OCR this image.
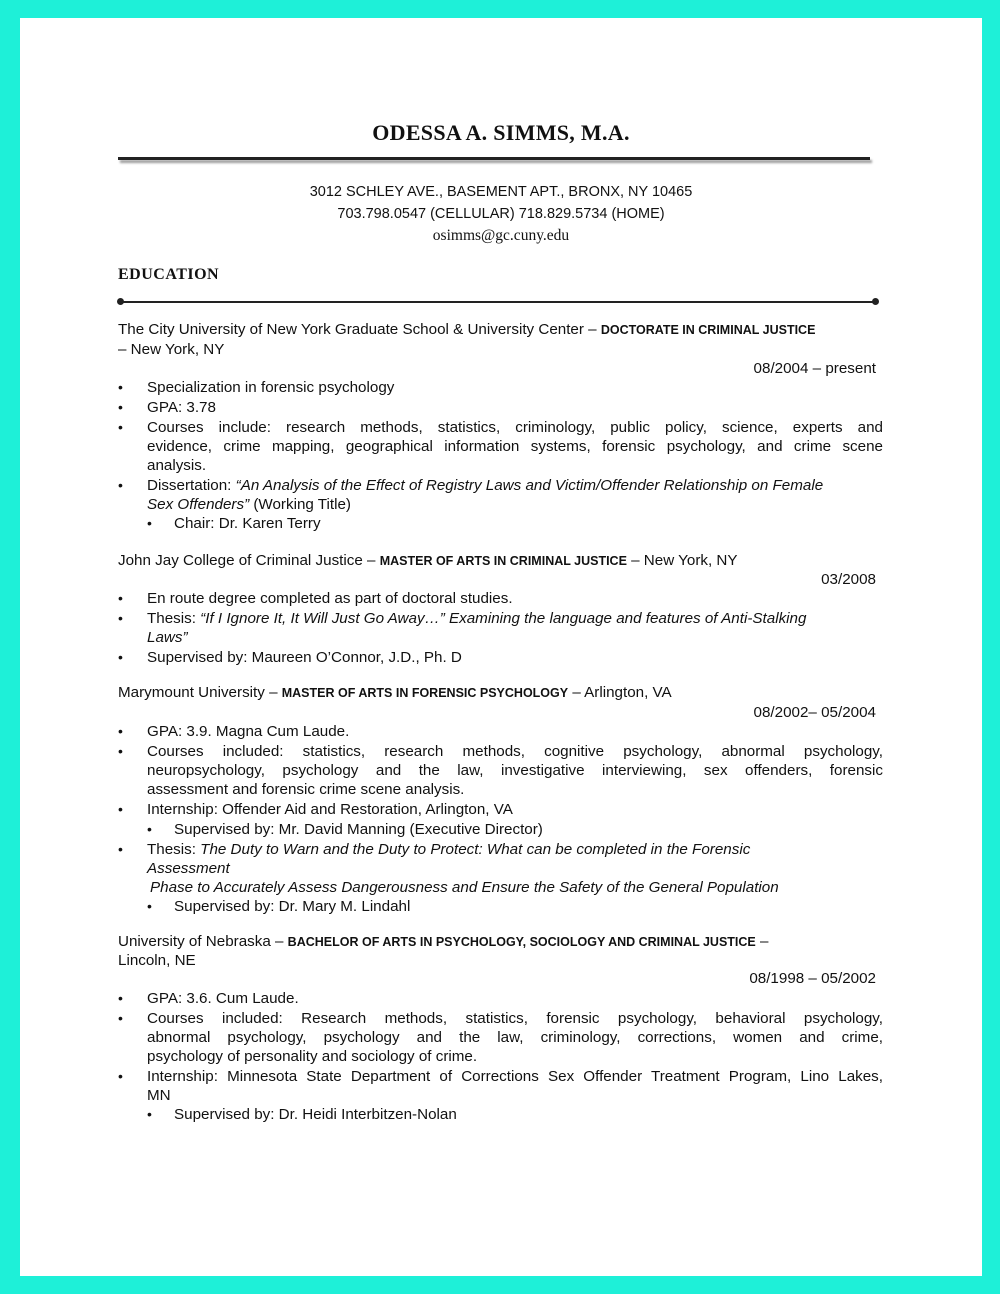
ODESSA A. SIMMS, M.A.
3012 SCHLEY AVE., BASEMENT APT., BRONX, NY 10465
703.798.0547 (CELLULAR) 718.829.5734 (HOME)
osimms@gc.cuny.edu
EDUCATION
The City University of New York Graduate School & University Center – DOCTORATE IN CRIMINAL JUSTICE
– New York, NY
08/2004 – present
• Specialization in forensic psychology
• GPA: 3.78
• Courses include: research methods, statistics, criminology, public policy, science, experts and
evidence, crime mapping, geographical information systems, forensic psychology, and crime scene
analysis.
• Dissertation: “An Analysis of the Effect of Registry Laws and Victim/Offender Relationship on Female
Sex Offenders” (Working Title)
• Chair: Dr. Karen Terry
John Jay College of Criminal Justice – MASTER OF ARTS IN CRIMINAL JUSTICE – New York, NY
03/2008
• En route degree completed as part of doctoral studies.
• Thesis: “If I Ignore It, It Will Just Go Away…” Examining the language and features of Anti-Stalking
Laws”
• Supervised by: Maureen O’Connor, J.D., Ph. D
Marymount University – MASTER OF ARTS IN FORENSIC PSYCHOLOGY – Arlington, VA
08/2002– 05/2004
• GPA: 3.9. Magna Cum Laude.
• Courses included: statistics, research methods, cognitive psychology, abnormal psychology,
neuropsychology, psychology and the law, investigative interviewing, sex offenders, forensic
assessment and forensic crime scene analysis.
• Internship: Offender Aid and Restoration, Arlington, VA
• Supervised by: Mr. David Manning (Executive Director)
• Thesis: The Duty to Warn and the Duty to Protect: What can be completed in the Forensic
Assessment
Phase to Accurately Assess Dangerousness and Ensure the Safety of the General Population
• Supervised by: Dr. Mary M. Lindahl
University of Nebraska – BACHELOR OF ARTS IN PSYCHOLOGY, SOCIOLOGY AND CRIMINAL JUSTICE –
Lincoln, NE
08/1998 – 05/2002
• GPA: 3.6. Cum Laude.
• Courses included: Research methods, statistics, forensic psychology, behavioral psychology,
abnormal psychology, psychology and the law, criminology, corrections, women and crime,
psychology of personality and sociology of crime.
• Internship: Minnesota State Department of Corrections Sex Offender Treatment Program, Lino Lakes,
MN
• Supervised by: Dr. Heidi Interbitzen-Nolan
